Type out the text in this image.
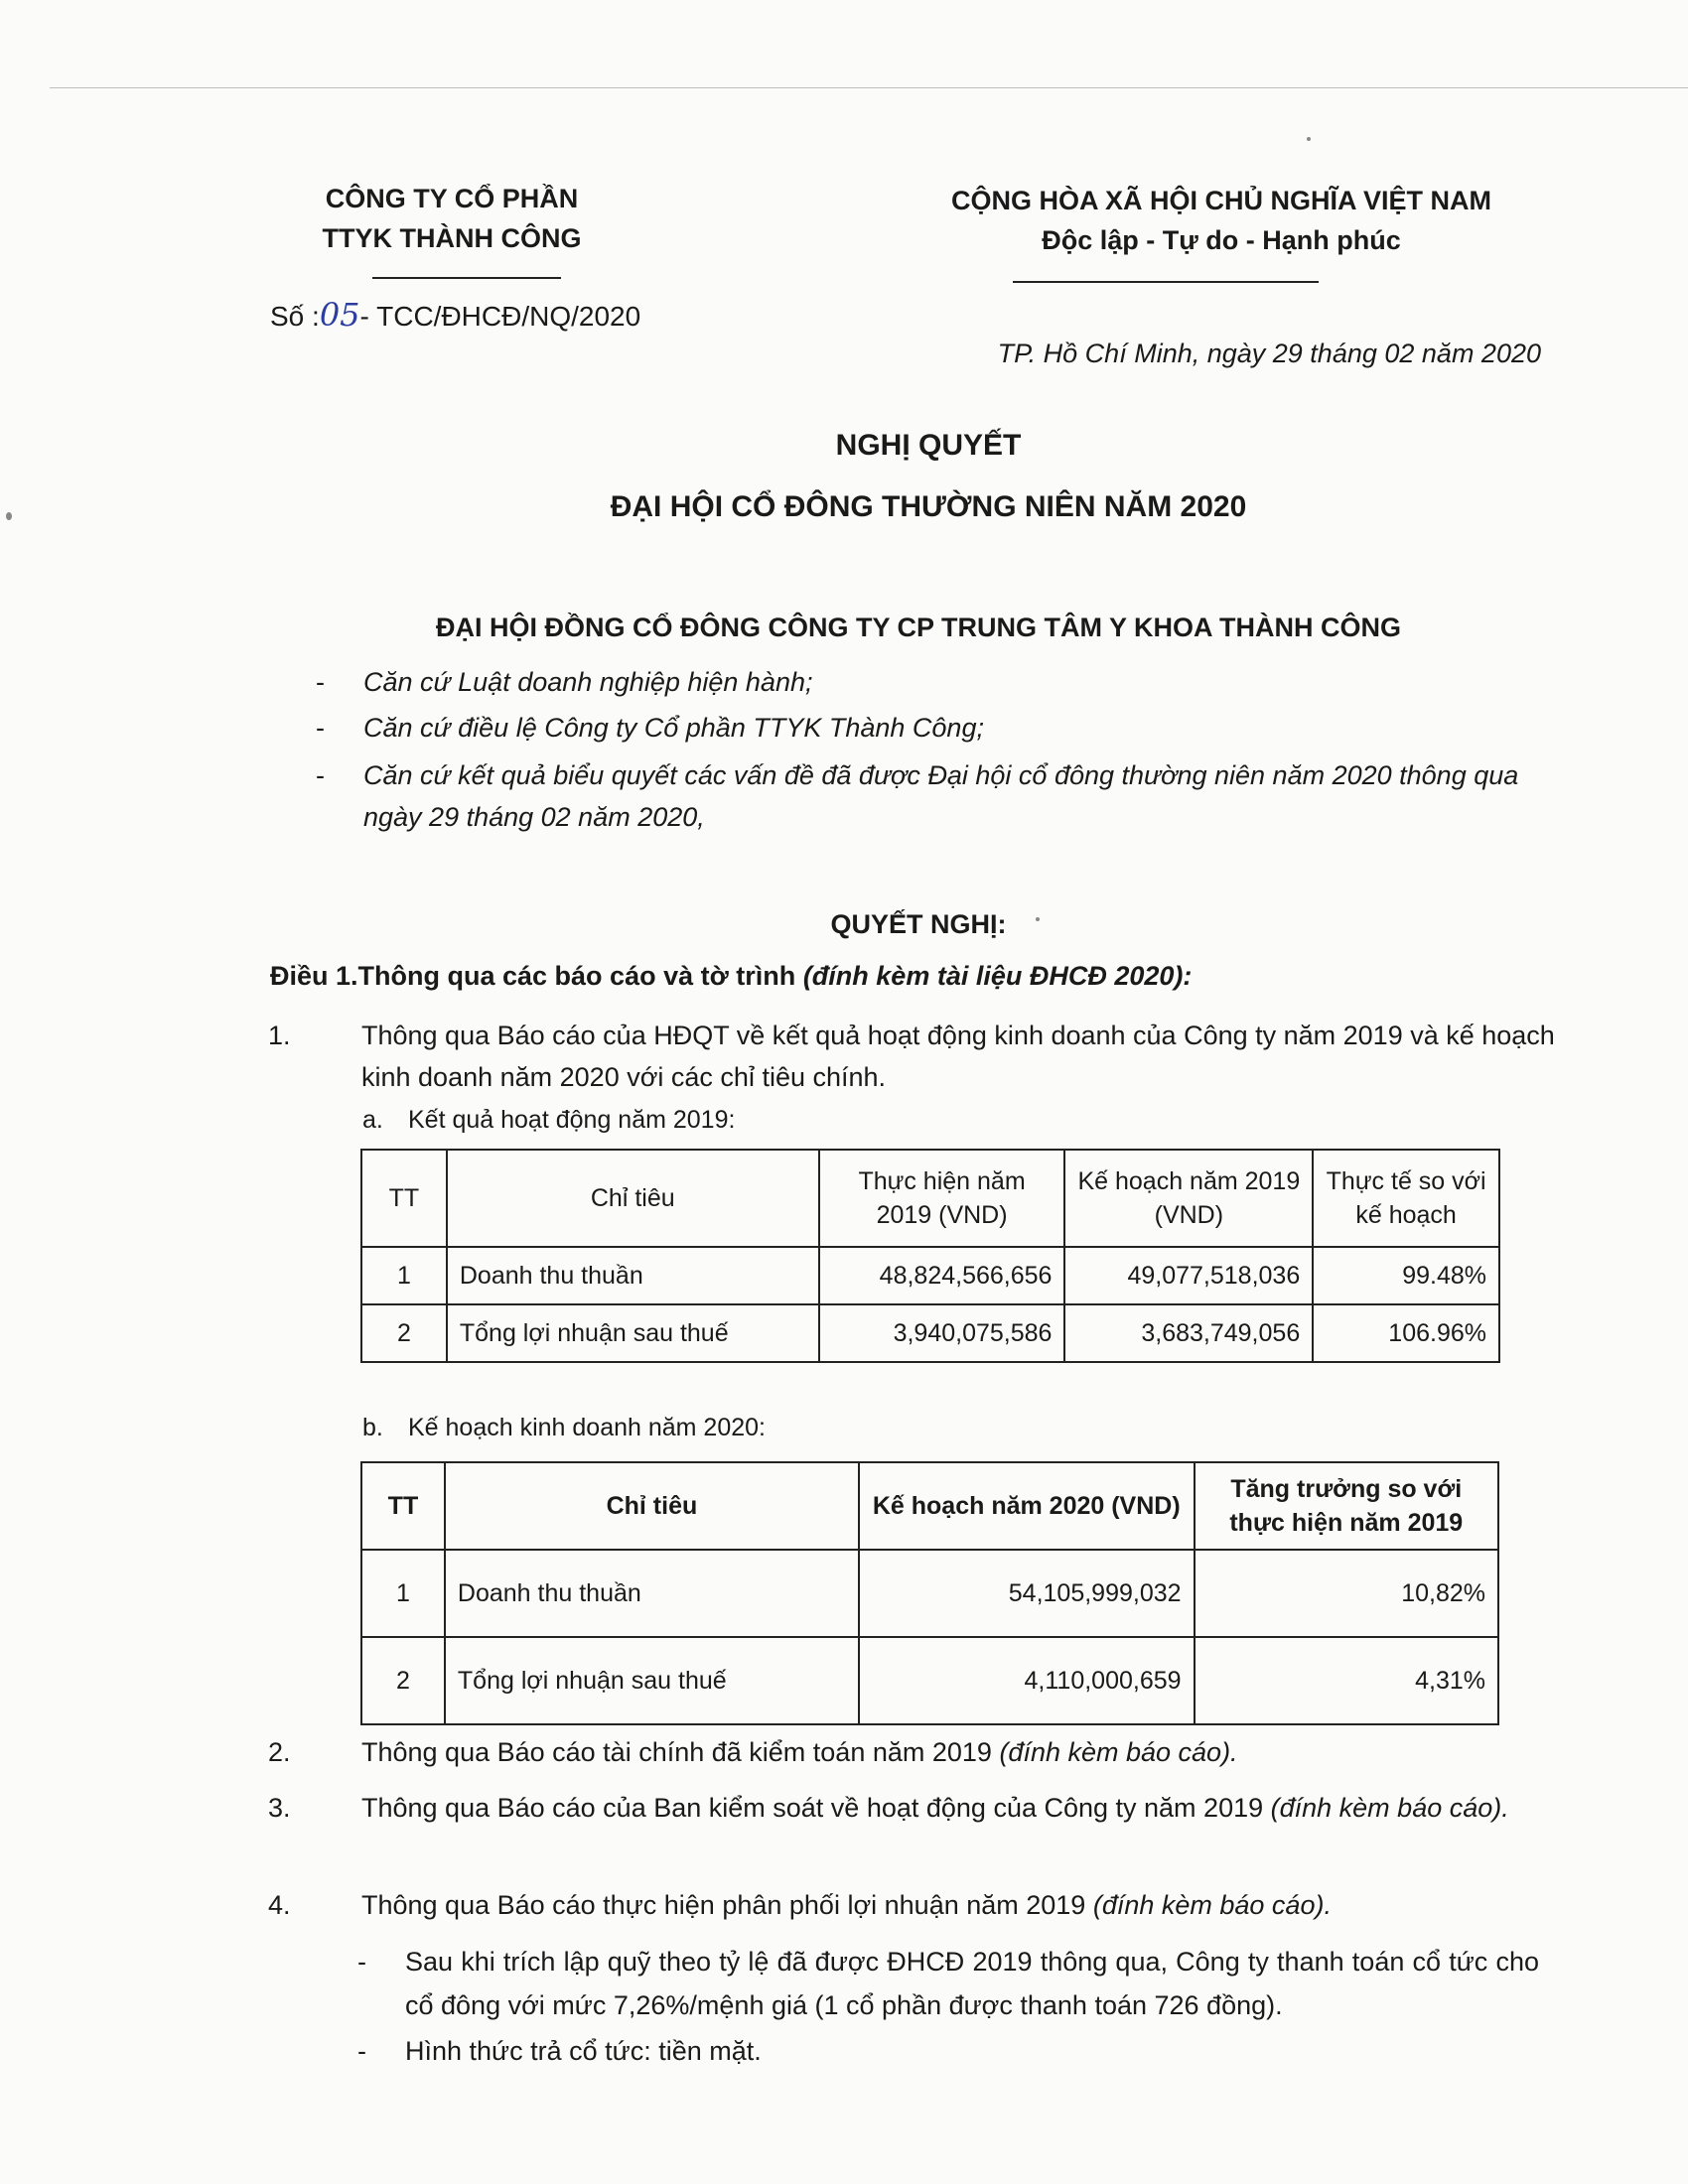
CÔNG TY CỔ PHẦN
TTYK THÀNH CÔNG
CỘNG HÒA XÃ HỘI CHỦ NGHĨA VIỆT NAM
Độc lập - Tự do - Hạnh phúc
Số :05- TCC/ĐHCĐ/NQ/2020
TP. Hồ Chí Minh, ngày 29 tháng 02 năm 2020
NGHỊ QUYẾT
ĐẠI HỘI CỔ ĐÔNG THƯỜNG NIÊN NĂM 2020
ĐẠI HỘI ĐỒNG CỔ ĐÔNG CÔNG TY CP TRUNG TÂM Y KHOA THÀNH CÔNG
- Căn cứ Luật doanh nghiệp hiện hành;
- Căn cứ điều lệ Công ty Cổ phần TTYK Thành Công;
- Căn cứ kết quả biểu quyết các vấn đề đã được Đại hội cổ đông thường niên năm 2020 thông qua ngày 29 tháng 02 năm 2020,
QUYẾT NGHỊ:
Điều 1.Thông qua các báo cáo và tờ trình (đính kèm tài liệu ĐHCĐ 2020):
1.	Thông qua Báo cáo của HĐQT về kết quả hoạt động kinh doanh của Công ty năm 2019 và kế hoạch kinh doanh năm 2020 với các chỉ tiêu chính.
a. Kết quả hoạt động năm 2019:
TT	Chỉ tiêu	Thực hiện năm 2019 (VND)	Kế hoạch năm 2019 (VND)	Thực tế so với kế hoạch
1	Doanh thu thuần	48,824,566,656	49,077,518,036	99.48%
2	Tổng lợi nhuận sau thuế	3,940,075,586	3,683,749,056	106.96%
b. Kế hoạch kinh doanh năm 2020:
TT	Chỉ tiêu	Kế hoạch năm 2020 (VND)	Tăng trưởng so với thực hiện năm 2019
1	Doanh thu thuần	54,105,999,032	10,82%
2	Tổng lợi nhuận sau thuế	4,110,000,659	4,31%
2.	Thông qua Báo cáo tài chính đã kiểm toán năm 2019 (đính kèm báo cáo).
3.	Thông qua Báo cáo của Ban kiểm soát về hoạt động của Công ty năm 2019 (đính kèm báo cáo).
4.	Thông qua Báo cáo thực hiện phân phối lợi nhuận năm 2019 (đính kèm báo cáo).
- Sau khi trích lập quỹ theo tỷ lệ đã được ĐHCĐ 2019 thông qua, Công ty thanh toán cổ tức cho cổ đông với mức 7,26%/mệnh giá (1 cổ phần được thanh toán 726 đồng).
- Hình thức trả cổ tức: tiền mặt.
